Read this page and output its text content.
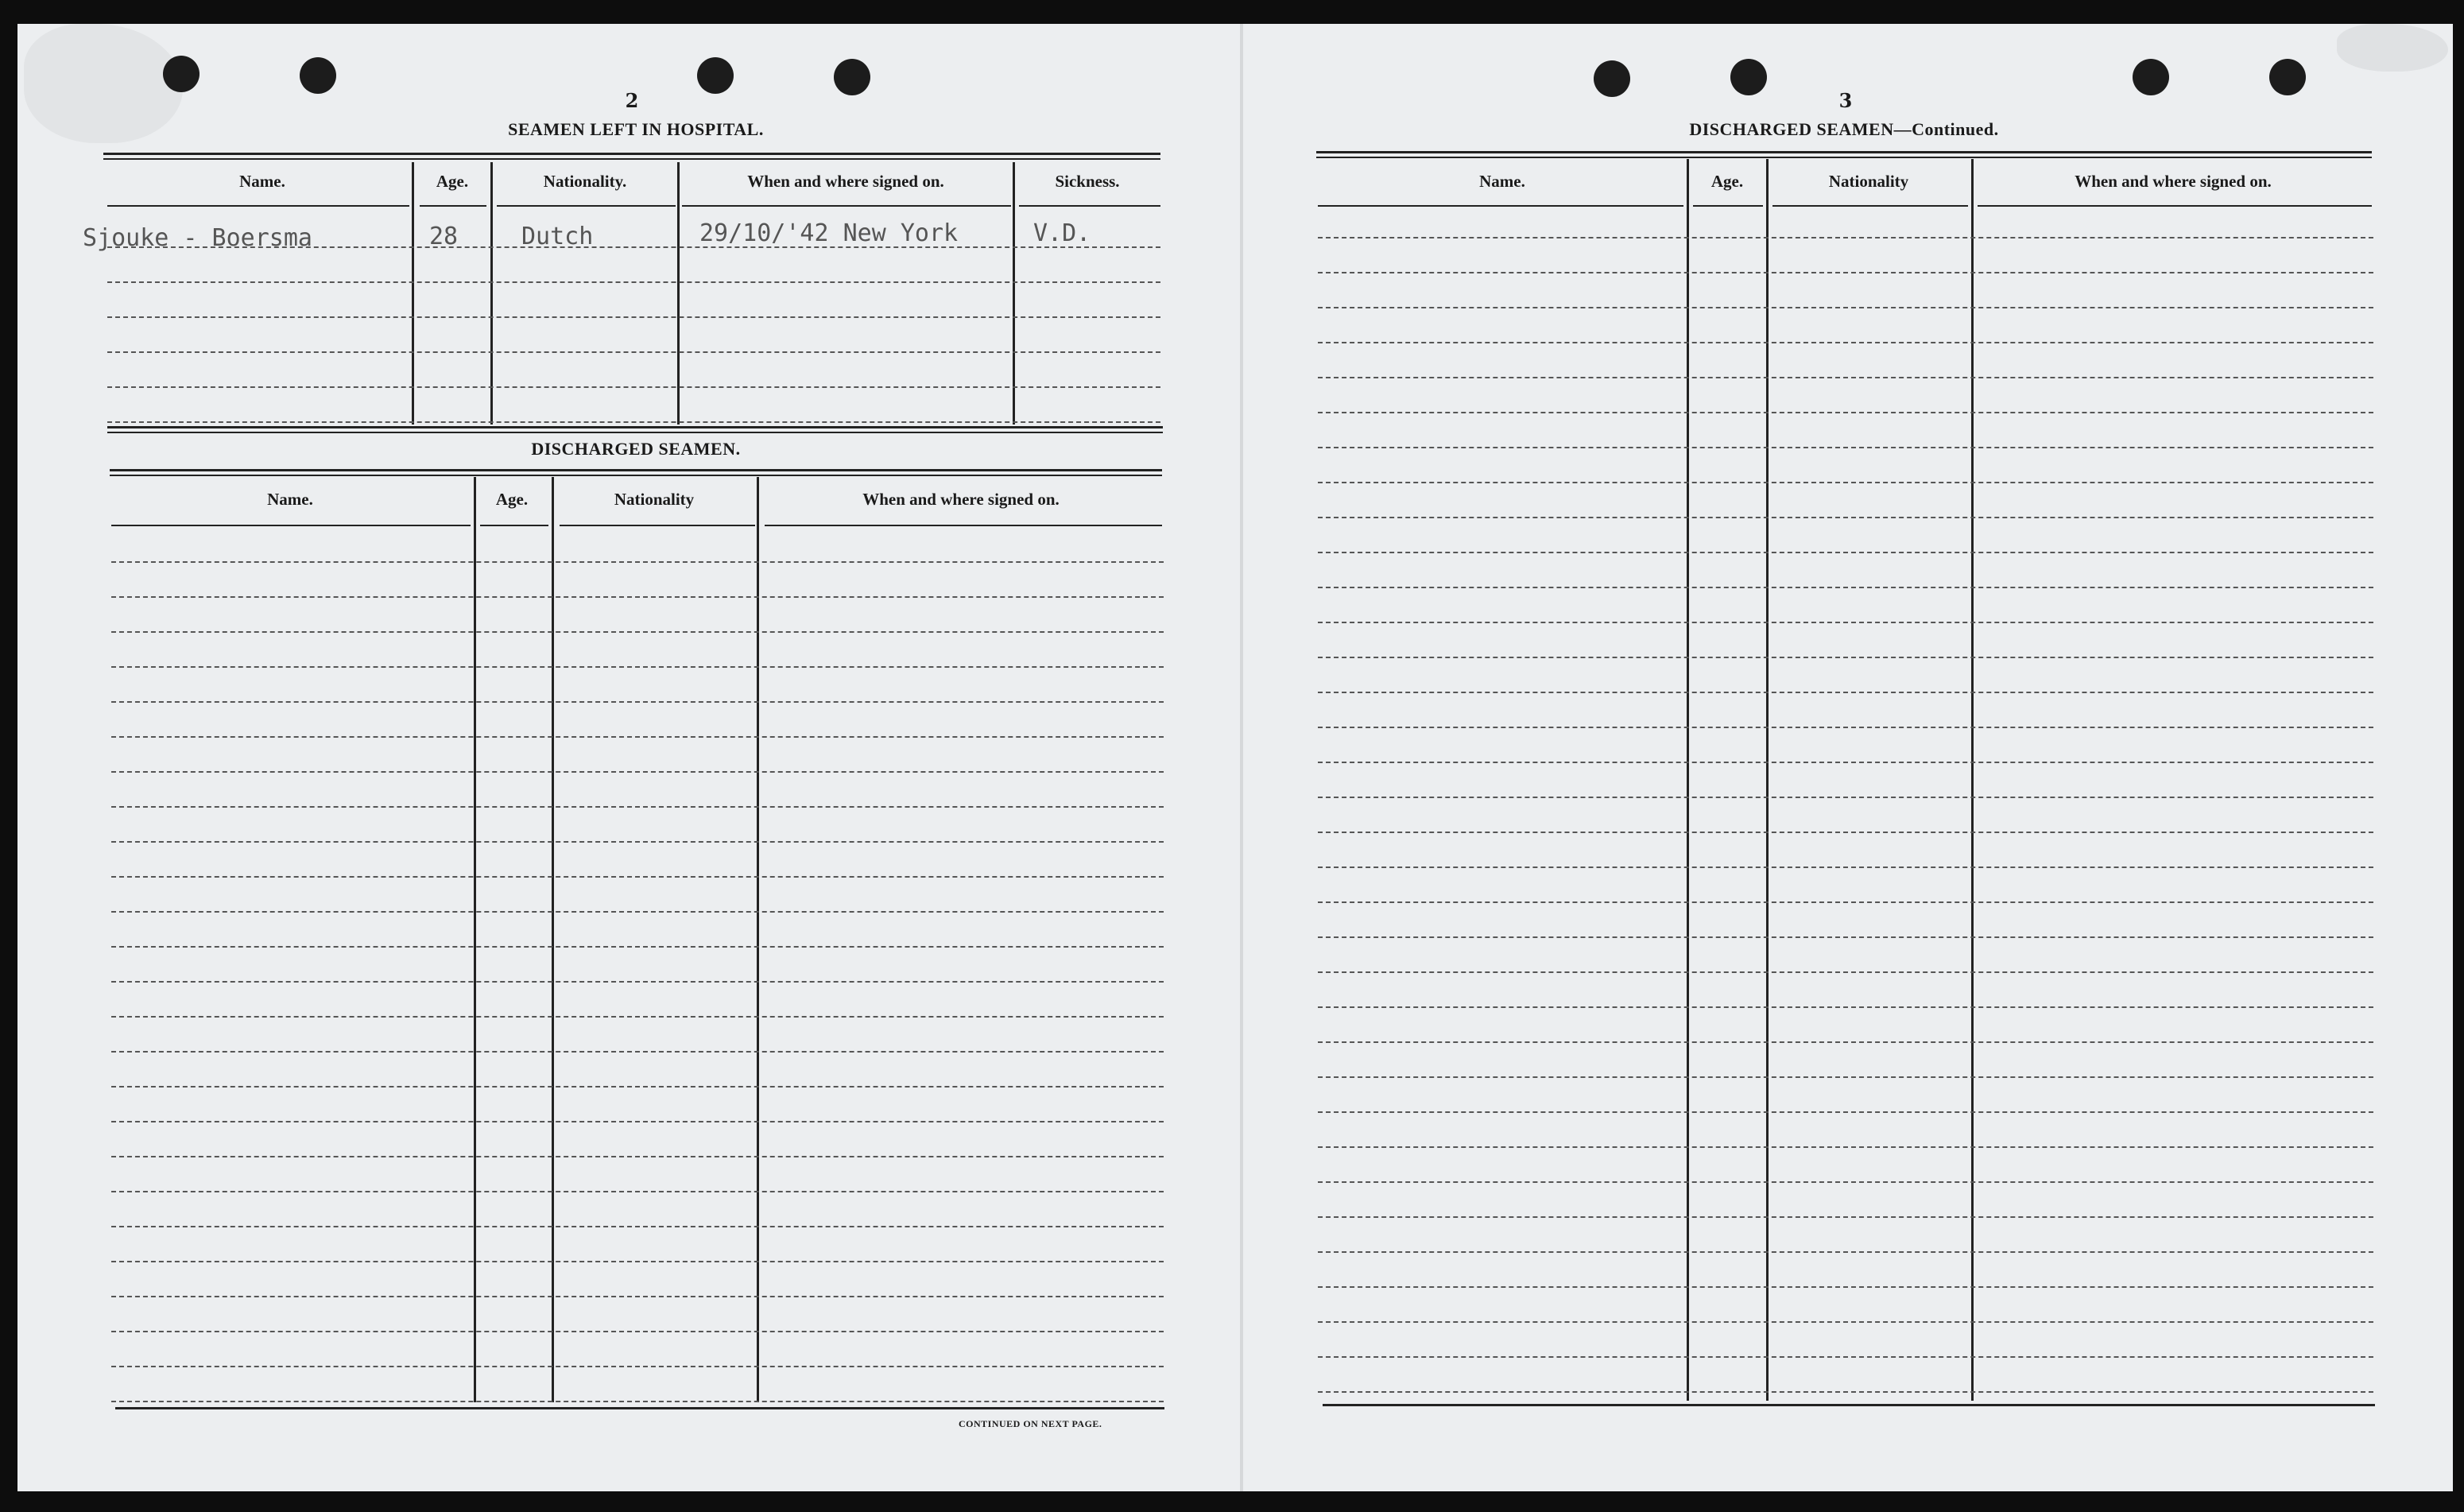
2
SEAMEN LEFT IN HOSPITAL.
Name.	Age.	Nationality.	When and where signed on.	Sickness.
Sjouke - Boersma	28	Dutch	29/10/'42 New York	V.D.
DISCHARGED SEAMEN.
Name.	Age.	Nationality	When and where signed on.
CONTINUED ON NEXT PAGE.
3
DISCHARGED SEAMEN—Continued.
Name.	Age.	Nationality	When and where signed on.
